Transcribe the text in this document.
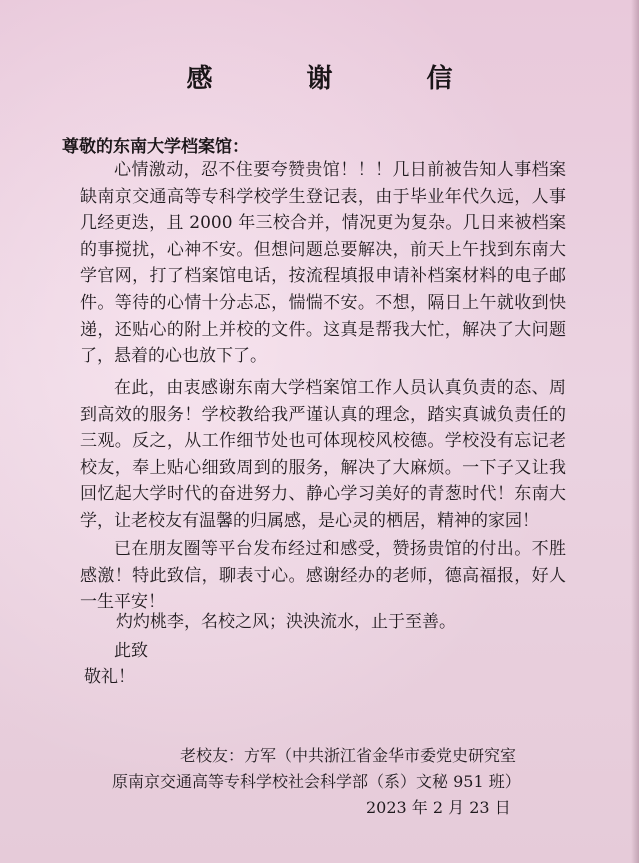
感　谢　信
尊敬的东南大学档案馆：

心情激动，忍不住要夸赞贵馆！！！几日前被告知人事档案缺南京交通高等专科学校学生登记表，由于毕业年代久远，人事几经更迭，且 2000 年三校合并，情况更为复杂。几日来被档案的事搅扰，心神不安。但想问题总要解决，前天上午找到东南大学官网，打了档案馆电话，按流程填报申请补档案材料的电子邮件。等待的心情十分忐忑，惴惴不安。不想，隔日上午就收到快递，还贴心的附上并校的文件。这真是帮我大忙，解决了大问题了，悬着的心也放下了。

在此，由衷感谢东南大学档案馆工作人员认真负责的态、周到高效的服务！学校教给我严谨认真的理念，踏实真诚负责任的三观。反之，从工作细节处也可体现校风校德。学校没有忘记老校友，奉上贴心细致周到的服务，解决了大麻烦。一下子又让我回忆起大学时代的奋进努力、静心学习美好的青葱时代！东南大学，让老校友有温馨的归属感，是心灵的栖居，精神的家园！

已在朋友圈等平台发布经过和感受，赞扬贵馆的付出。不胜感激！特此致信，聊表寸心。感谢经办的老师，德高福报，好人一生平安！

灼灼桃李，名校之风；泱泱流水，止于至善。

此致
敬礼！
老校友：方军（中共浙江省金华市委党史研究室
原南京交通高等专科学校社会科学部（系）文秘 951 班）
2023 年 2 月 23 日
